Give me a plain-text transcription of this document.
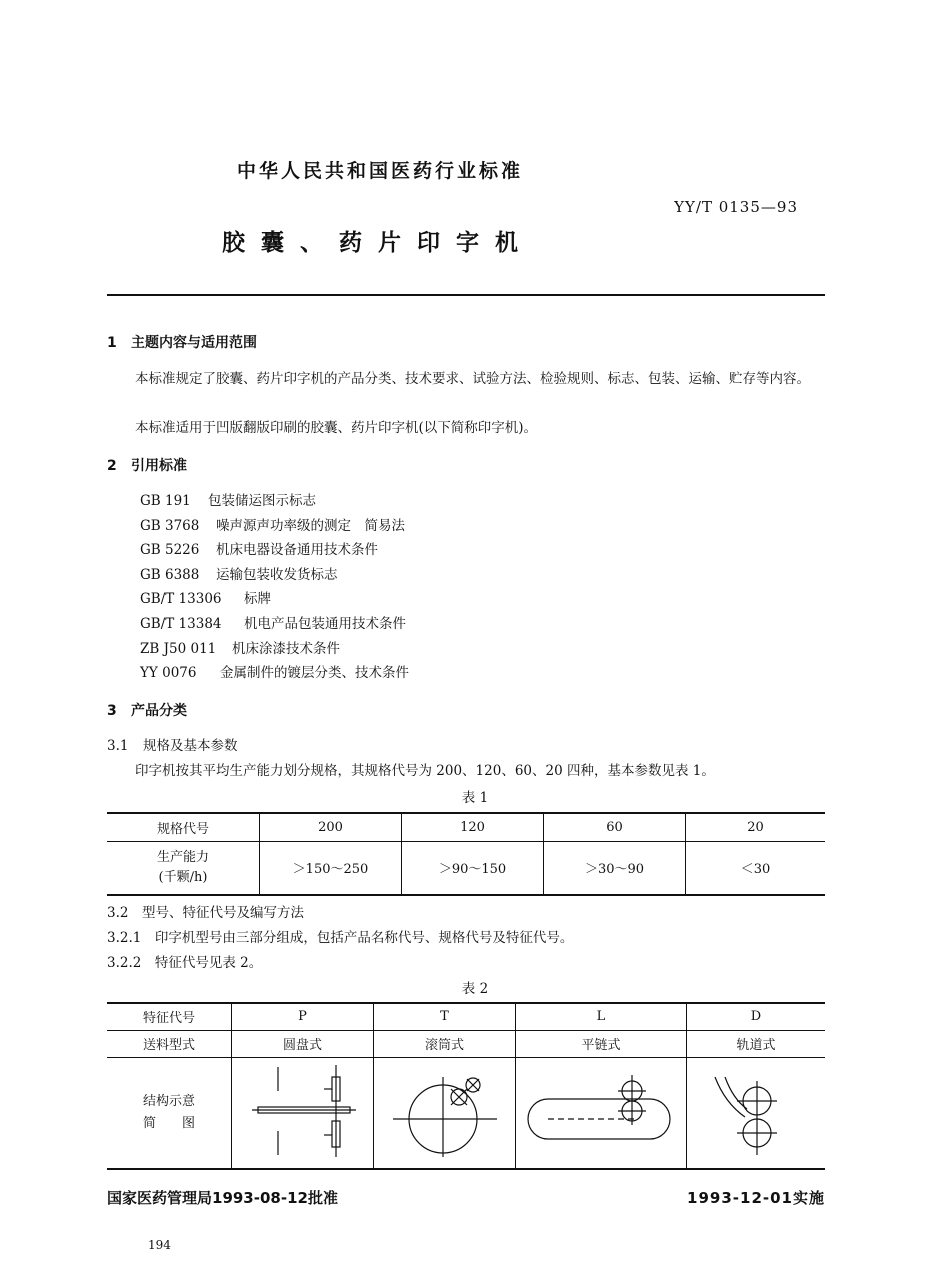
中华人民共和国医药行业标准
YY/T 0135—93
胶囊、药片印字机
1 主题内容与适用范围
本标准规定了胶囊、药片印字机的产品分类、技术要求、试验方法、检验规则、标志、包装、运输、贮存等内容。
本标准适用于凹版翻版印刷的胶囊、药片印字机(以下简称印字机)。
2 引用标准
GB 191 包装储运图示标志
GB 3768 噪声源声功率级的测定　简易法
GB 5226 机床电器设备通用技术条件
GB 6388 运输包装收发货标志
GB/T 13306 标牌
GB/T 13384 机电产品包装通用技术条件
ZB J50 011 机床涂漆技术条件
YY 0076 金属制件的镀层分类、技术条件
3 产品分类
3.1 规格及基本参数
印字机按其平均生产能力划分规格，其规格代号为 200、120、60、20 四种，基本参数见表 1。
表 1
规格代号	200	120	60	20

生产能力
(千颗/h)	＞150～250	＞90～150	＞30～90	＜30
3.2　型号、特征代号及编写方法
3.2.1　印字机型号由三部分组成，包括产品名称代号、规格代号及特征代号。
3.2.2　特征代号见表 2。
表 2
特征代号	P	T	L	D
送料型式	圆盘式	滚筒式	平链式	轨道式

结构示意
简　　图

国家医药管理局1993-08-12批准	1993-12-01实施
194
